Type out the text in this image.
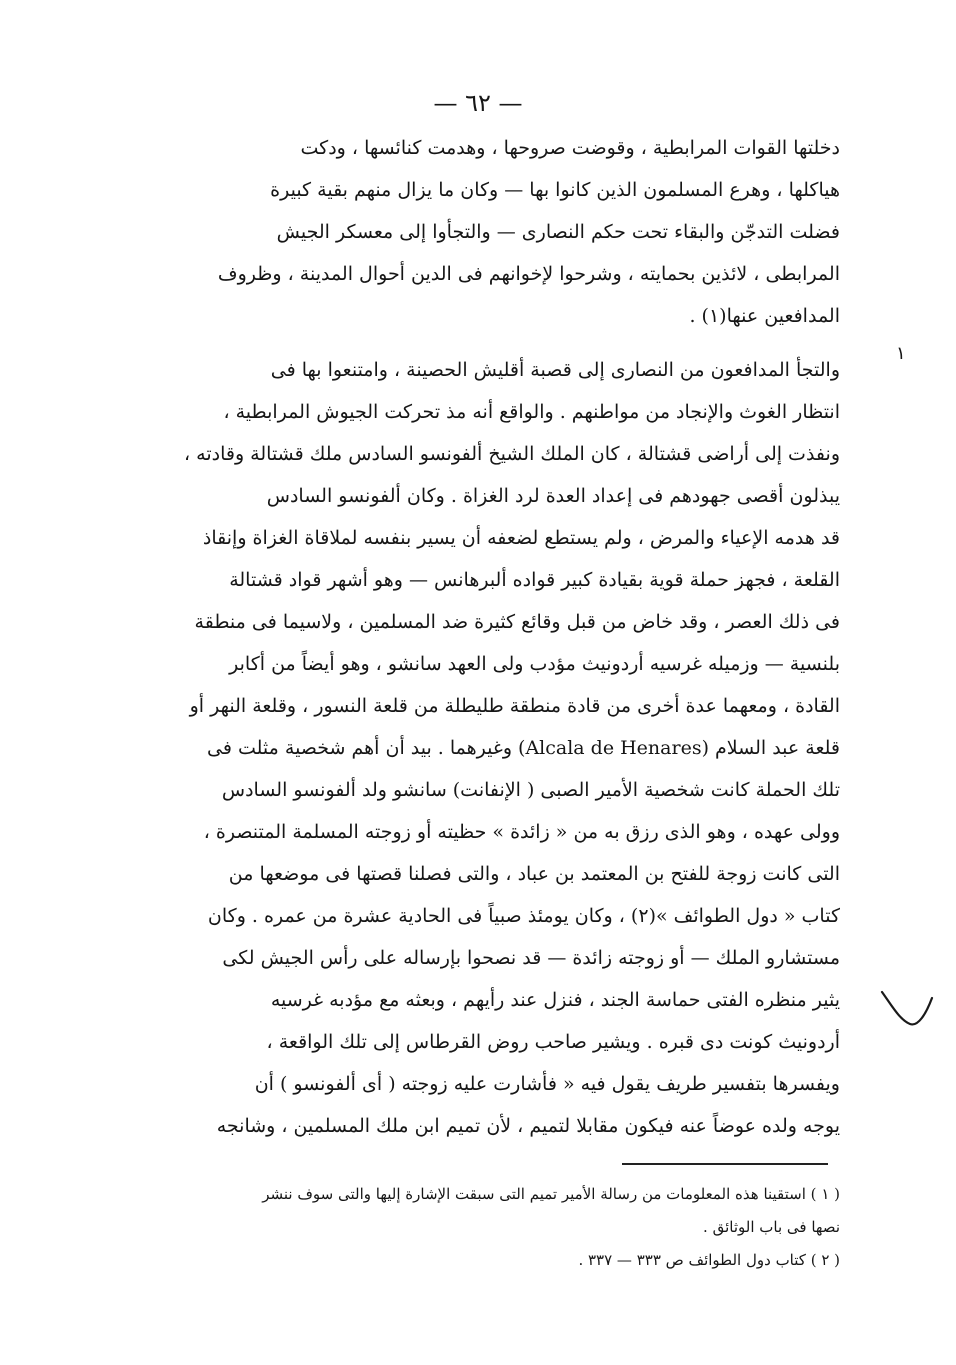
— ٦٢ —
١
دخلتها القوات المرابطية ، وقوضت صروحها ، وهدمت كنائسها ، ودكت
هياكلها ، وهرع المسلمون الذين كانوا بها — وكان ما يزال منهم بقية كبيرة
فضلت التدجّن والبقاء تحت حكم النصارى — والتجأوا إلى معسكر الجيش
المرابطى ، لائذين بحمايته ، وشرحوا لإخوانهم فى الدين أحوال المدينة ، وظروف
المدافعين عنها(١) .
والتجأ المدافعون من النصارى إلى قصبة أقليش الحصينة ، وامتنعوا بها فى
انتظار الغوث والإنجاد من مواطنهم . والواقع أنه مذ تحركت الجيوش المرابطية ،
ونفذت إلى أراضى قشتالة ، كان الملك الشيخ ألفونسو السادس ملك قشتالة وقادته ،
يبذلون أقصى جهودهم فى إعداد العدة لرد الغزاة . وكان ألفونسو السادس
قد هدمه الإعياء والمرض ، ولم يستطع لضعفه أن يسير بنفسه لملاقاة الغزاة وإنقاذ
القلعة ، فجهز حملة قوية بقيادة كبير قواده ألبرهانس — وهو أشهر قواد قشتالة
فى ذلك العصر ، وقد خاض من قبل وقائع كثيرة ضد المسلمين ، ولاسيما فى منطقة
بلنسية — وزميله غرسيه أردونيث مؤدب ولى العهد سانشو ، وهو أيضاً من أكابر
القادة ، ومعهما عدة أخرى من قادة منطقة طليطلة من قلعة النسور ، وقلعة النهر أو
قلعة عبد السلام (Alcala de Henares) وغيرهما . بيد أن أهم شخصية مثلت فى
تلك الحملة كانت شخصية الأمير الصبى ( الإنفانت) سانشو ولد ألفونسو السادس
وولى عهده ، وهو الذى رزق به من « زائدة » حظيته أو زوجته المسلمة المتنصرة ،
التى كانت زوجة للفتح بن المعتمد بن عباد ، والتى فصلنا قصتها فى موضعها من
كتاب « دول الطوائف »(٢) ، وكان يومئذ صبياً فى الحادية عشرة من عمره . وكان
مستشارو الملك — أو زوجته زائدة — قد نصحوا بإرساله على رأس الجيش لكى
يثير منظره الفتى حماسة الجند ، فنزل عند رأيهم ، وبعثه مع مؤدبه غرسيه
أردونيث كونت دى قبره . ويشير صاحب روض القرطاس إلى تلك الواقعة ،
ويفسرها بتفسير طريف يقول فيه « فأشارت عليه زوجته ( أى ألفونسو ) أن
يوجه ولده عوضاً عنه فيكون مقابلا لتميم ، لأن تميم ابن ملك المسلمين ، وشانجه
( ١ ) استقينا هذه المعلومات من رسالة الأمير تميم التى سبقت الإشارة إليها والتى سوف ننشر
نصها فى باب الوثائق .
( ٢ ) كتاب دول الطوائف ص ٣٣٣ — ٣٣٧ .
